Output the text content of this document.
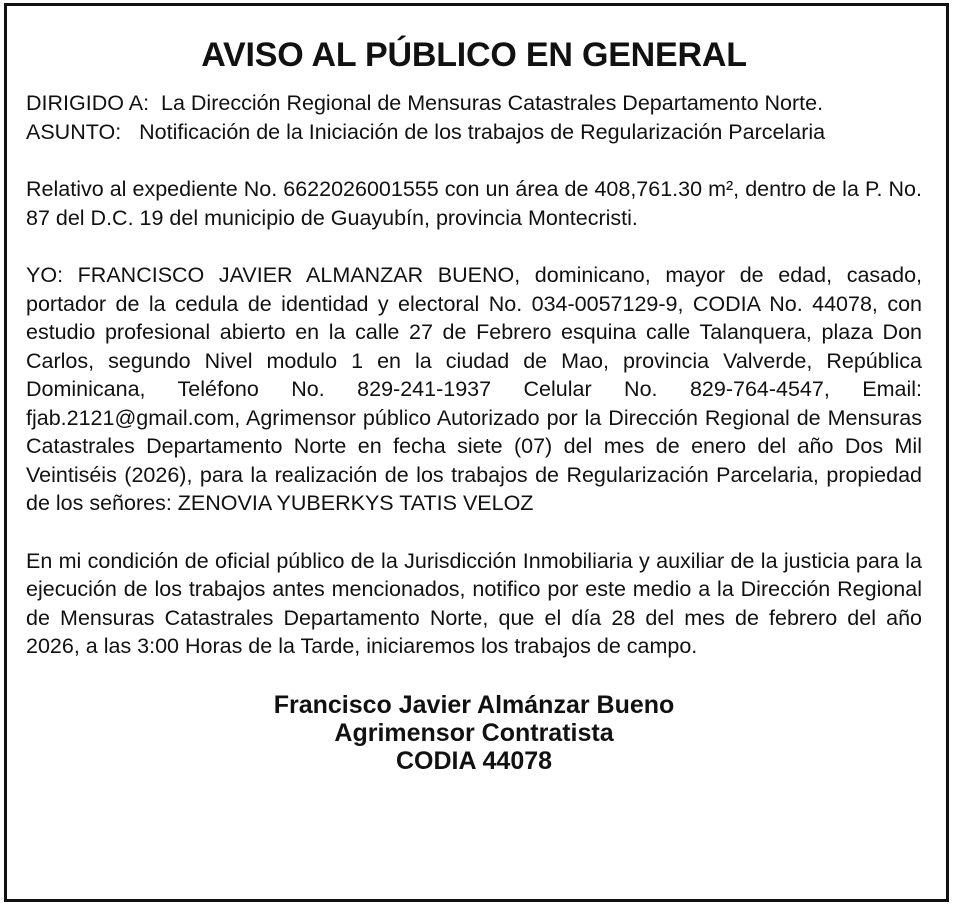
AVISO AL PÚBLICO EN GENERAL

DIRIGIDO A: La Dirección Regional de Mensuras Catastrales Departamento Norte.

ASUNTO: Notificación de la Iniciación de los trabajos de Regularización Parcelaria

Relativo al expediente No. 6622026001555 con un área de 408,761.30 m², dentro de la P. No. 87 del D.C. 19 del municipio de Guayubín, provincia Montecristi.

YO: FRANCISCO JAVIER ALMANZAR BUENO, dominicano, mayor de edad, casado, portador de la cedula de identidad y electoral No. 034-0057129-9, CODIA No. 44078, con estudio profesional abierto en la calle 27 de Febrero esquina calle Talanquera, plaza Don Carlos, segundo Nivel modulo 1 en la ciudad de Mao, provincia Valverde, República Dominicana, Teléfono No. 829-241-1937 Celular No. 829-764-4547, Email: fjab.2121@gmail.com, Agrimensor público Autorizado por la Dirección Regional de Mensuras Catastrales Departamento Norte en fecha siete (07) del mes de enero del año Dos Mil Veintiséis (2026), para la realización de los trabajos de Regularización Parcelaria, propiedad de los señores: ZENOVIA YUBERKYS TATIS VELOZ

En mi condición de oficial público de la Jurisdicción Inmobiliaria y auxiliar de la justicia para la ejecución de los trabajos antes mencionados, notifico por este medio a la Dirección Regional de Mensuras Catastrales Departamento Norte, que el día 28 del mes de febrero del año 2026, a las 3:00 Horas de la Tarde, iniciaremos los trabajos de campo.

Francisco Javier Almánzar Bueno
Agrimensor Contratista
CODIA 44078
